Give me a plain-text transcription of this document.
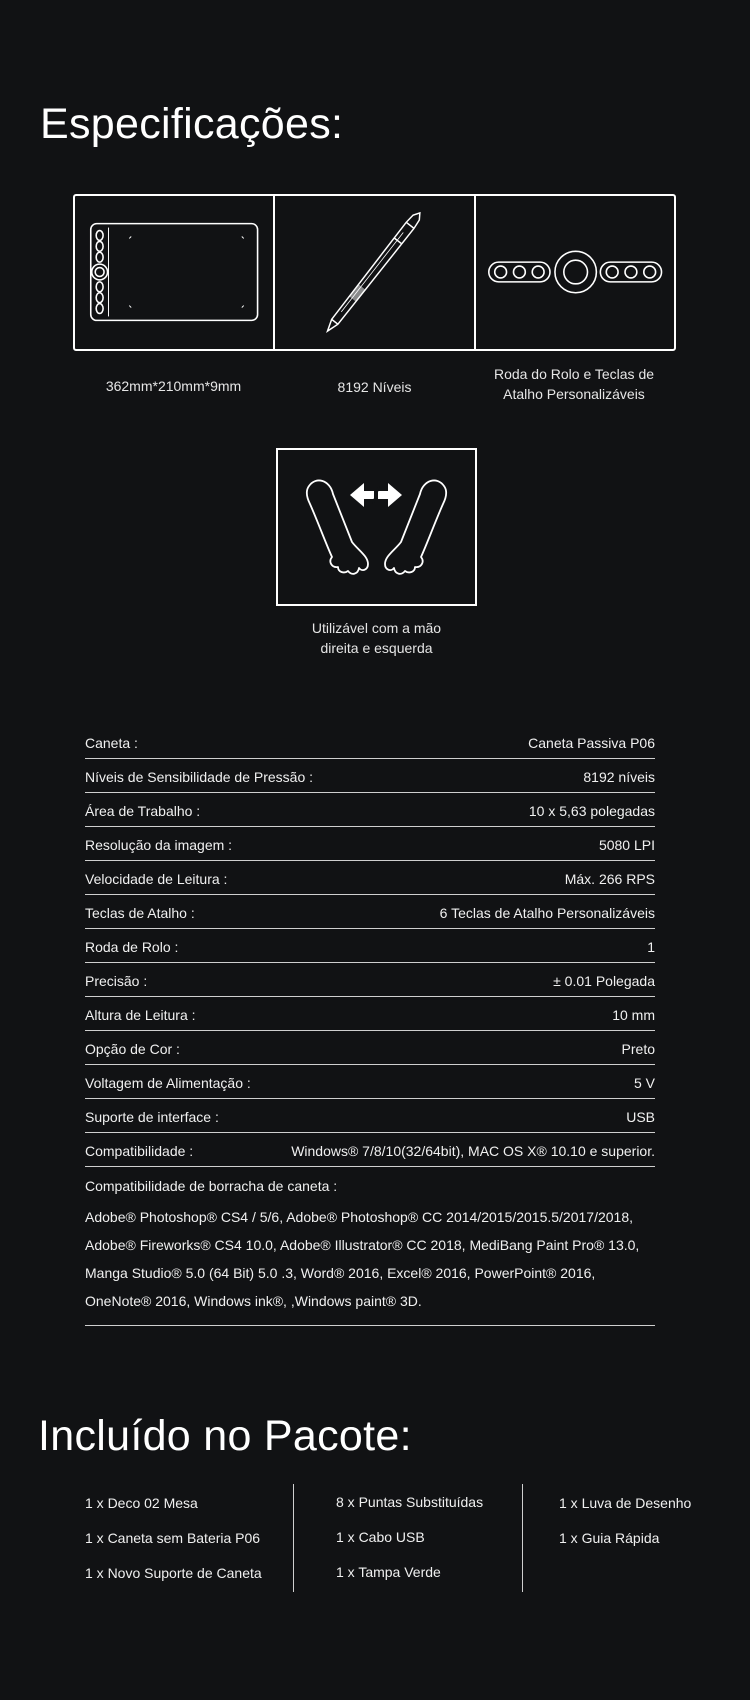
Especificações:
362mm*210mm*9mm	8192 Níveis
Roda do Rolo e Teclas de
Atalho Personalizáveis
Utilizável com a mão
direita e esquerda
Caneta :	Caneta Passiva P06
Níveis de Sensibilidade de Pressão :	8192 níveis
Área de Trabalho :	10 x 5,63 polegadas
Resolução da imagem :	5080 LPI
Velocidade de Leitura :	Máx. 266 RPS
Teclas de Atalho :	6 Teclas de Atalho Personalizáveis
Roda de Rolo :	1
Precisão :	± 0.01 Polegada
Altura de Leitura :	10 mm
Opção de Cor :	Preto
Voltagem de Alimentação :	5 V
Suporte de interface :	USB
Compatibilidade :	Windows® 7/8/10(32/64bit), MAC OS X® 10.10 e superior.
Compatibilidade de borracha de caneta :
Adobe® Photoshop® CS4 / 5/6, Adobe® Photoshop® CC 2014/2015/2015.5/2017/2018,
Adobe® Fireworks® CS4 10.0, Adobe® Illustrator® CC 2018, MediBang Paint Pro® 13.0,
Manga Studio® 5.0 (64 Bit) 5.0 .3, Word® 2016, Excel® 2016, PowerPoint® 2016,
OneNote® 2016, Windows ink®, ,Windows paint® 3D.
Incluído no Pacote:
1 x Deco 02 Mesa
1 x Caneta sem Bateria P06
1 x Novo Suporte de Caneta
8 x Puntas Substituídas
1 x Cabo USB
1 x Tampa Verde
1 x Luva de Desenho
1 x Guia Rápida
